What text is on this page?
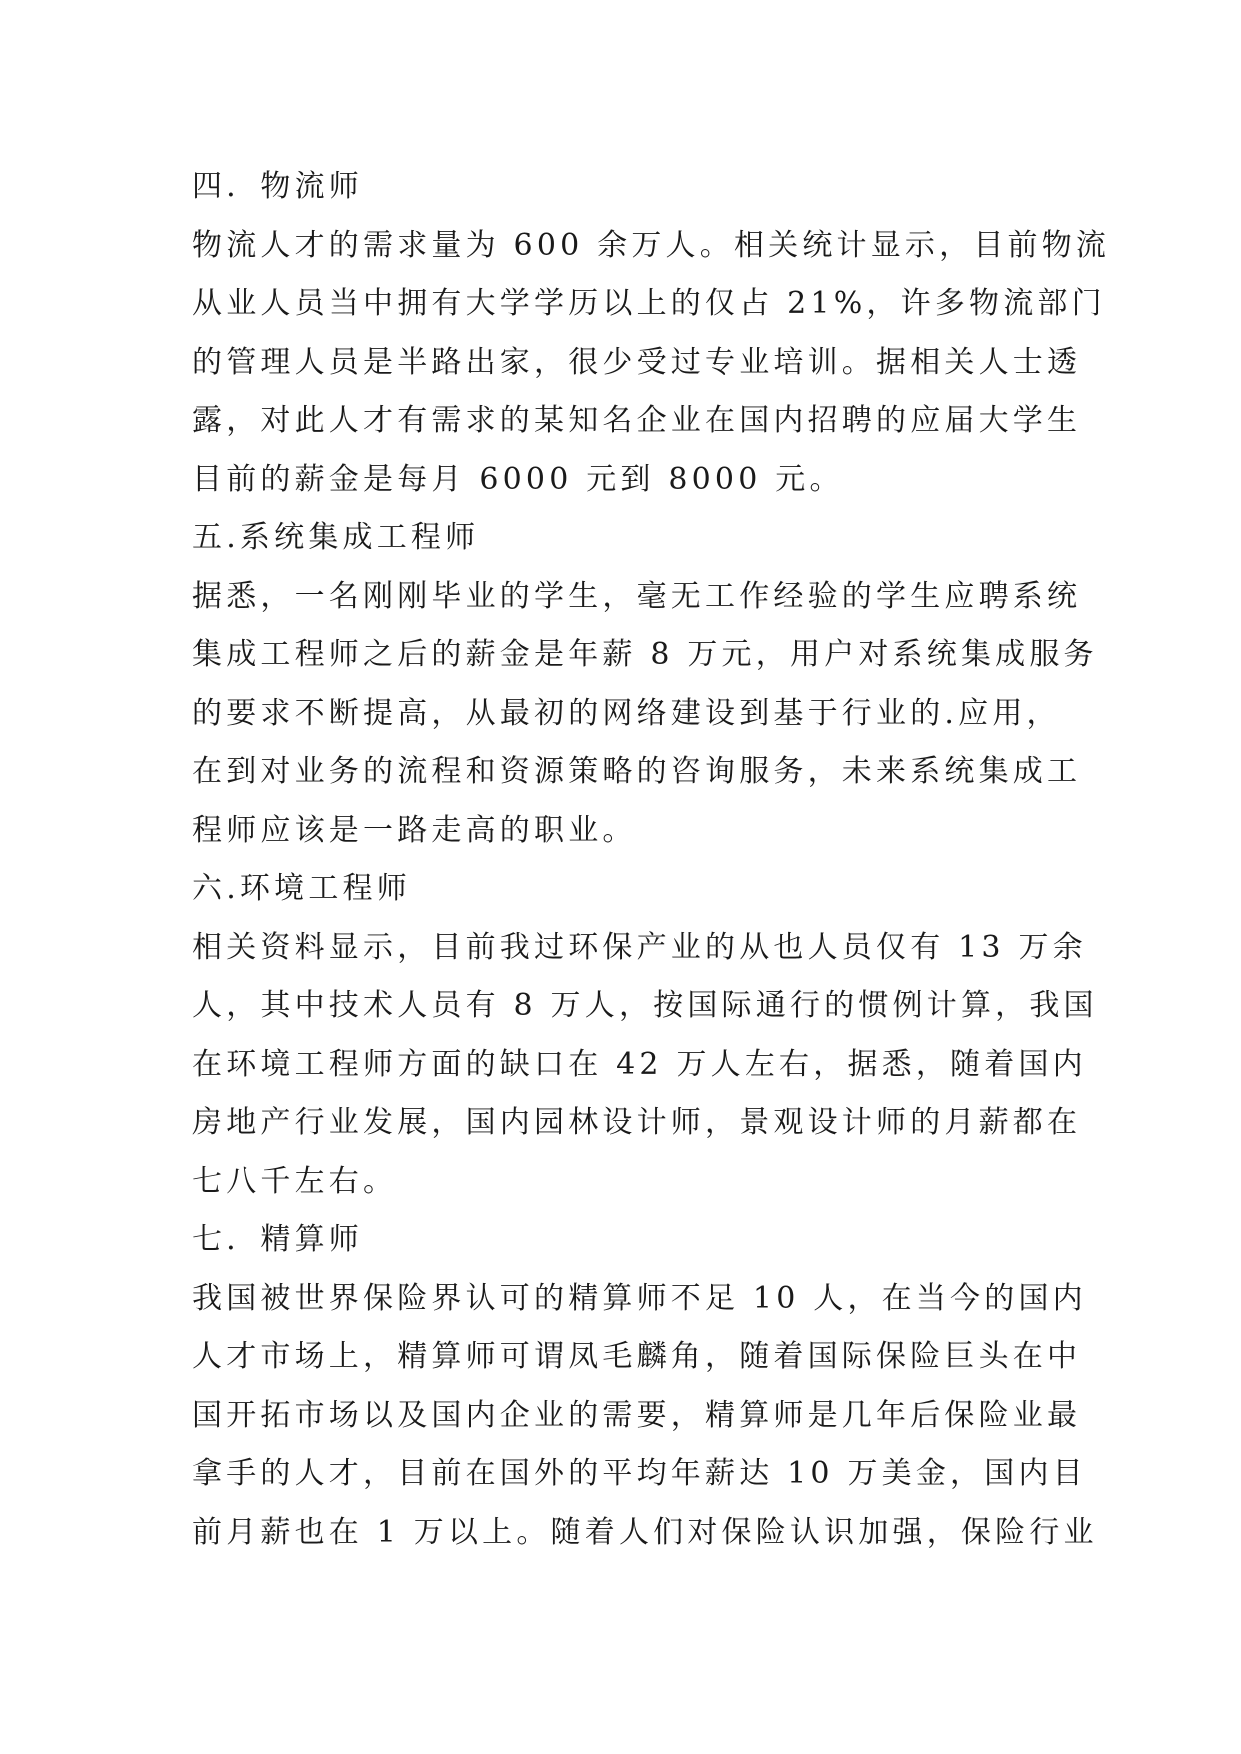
四．物流师
物流人才的需求量为 600 余万人。相关统计显示，目前物流
从业人员当中拥有大学学历以上的仅占 21%，许多物流部门
的管理人员是半路出家，很少受过专业培训。据相关人士透
露，对此人才有需求的某知名企业在国内招聘的应届大学生
目前的薪金是每月 6000 元到 8000 元。
五.系统集成工程师
据悉，一名刚刚毕业的学生，毫无工作经验的学生应聘系统
集成工程师之后的薪金是年薪 8 万元，用户对系统集成服务
的要求不断提高，从最初的网络建设到基于行业的.应用，
在到对业务的流程和资源策略的咨询服务，未来系统集成工
程师应该是一路走高的职业。
六.环境工程师
相关资料显示，目前我过环保产业的从也人员仅有 13 万余
人，其中技术人员有 8 万人，按国际通行的惯例计算，我国
在环境工程师方面的缺口在 42 万人左右，据悉，随着国内
房地产行业发展，国内园林设计师，景观设计师的月薪都在
七八千左右。
七．精算师
我国被世界保险界认可的精算师不足 10 人，在当今的国内
人才市场上，精算师可谓凤毛麟角，随着国际保险巨头在中
国开拓市场以及国内企业的需要，精算师是几年后保险业最
拿手的人才，目前在国外的平均年薪达 10 万美金，国内目
前月薪也在 1 万以上。随着人们对保险认识加强，保险行业
